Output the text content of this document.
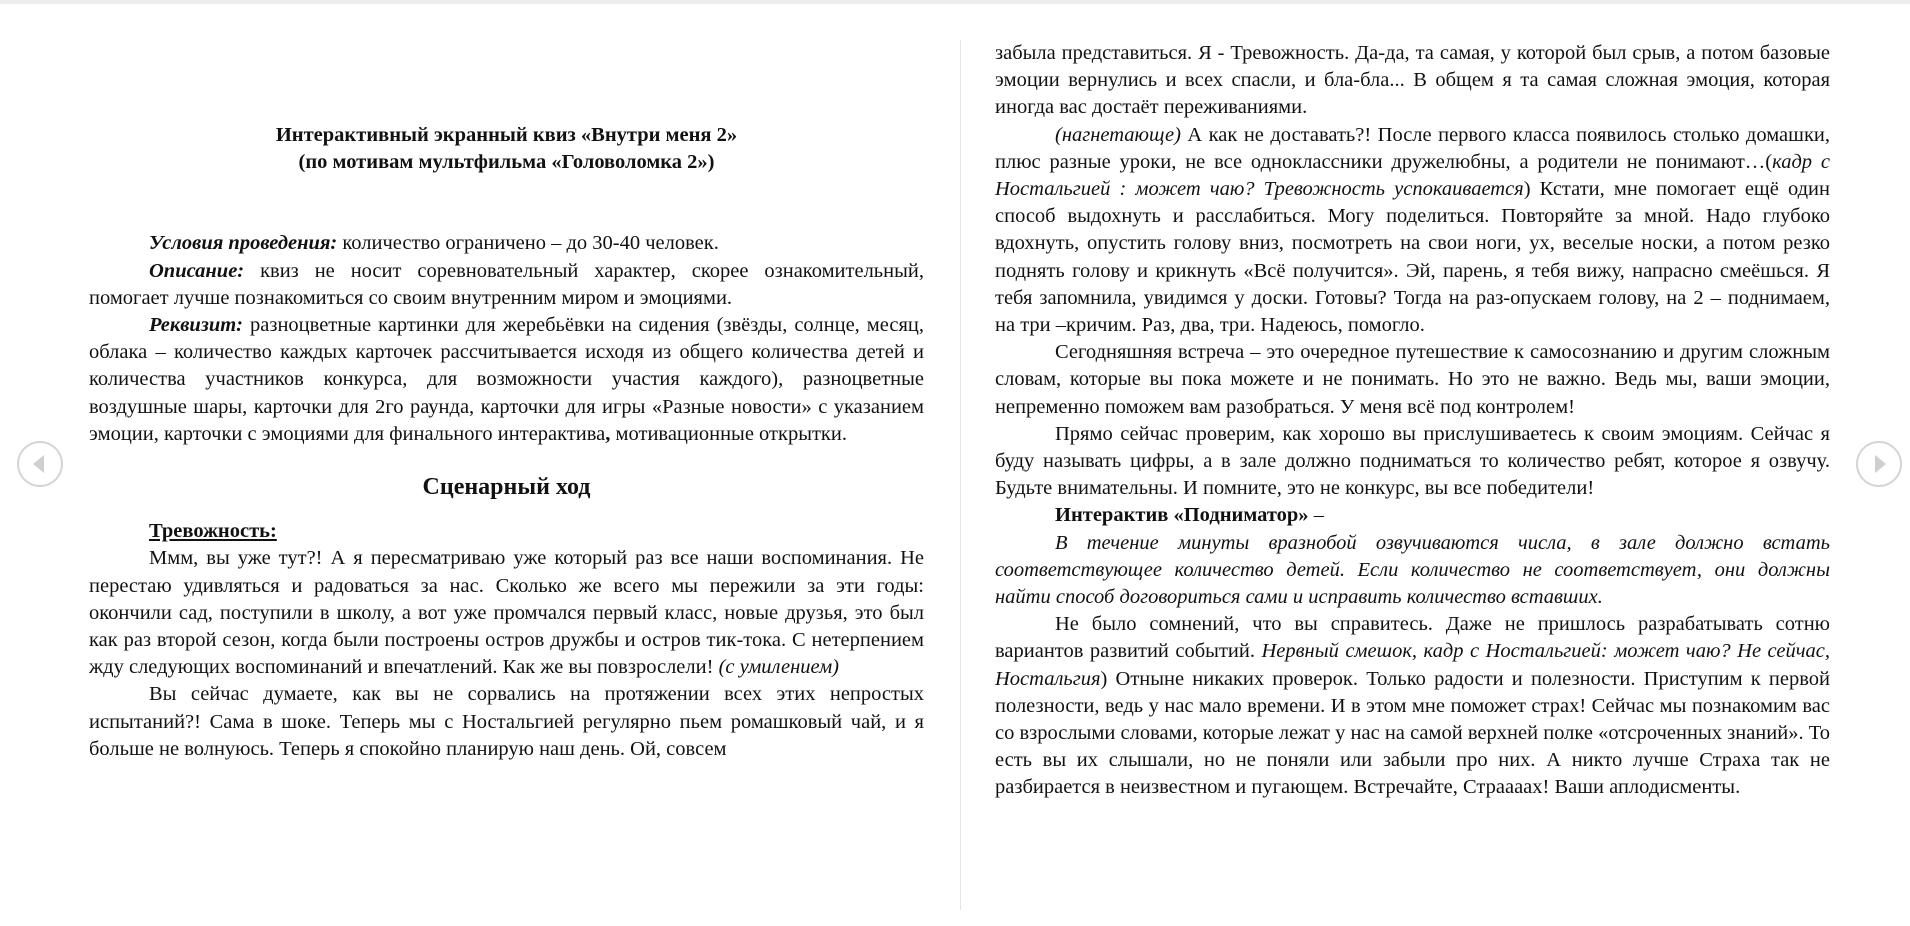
Интерактивный экранный квиз «Внутри меня 2»
(по мотивам мультфильма «Головоломка 2»)

Условия проведения: количество ограничено – до 30-40 человек.

Описание: квиз не носит соревновательный характер, скорее ознакомительный, помогает лучше познакомиться со своим внутренним миром и эмоциями.

Реквизит: разноцветные картинки для жеребьёвки на сидения (звёзды, солнце, месяц, облака – количество каждых карточек рассчитывается исходя из общего количества детей и количества участников конкурса, для возможности участия каждого), разноцветные воздушные шары, карточки для 2го раунда, карточки для игры «Разные новости» с указанием эмоции, карточки с эмоциями для финального интерактива, мотивационные открытки.

Сценарный ход

Тревожность:

Ммм, вы уже тут?! А я пересматриваю уже который раз все наши воспоминания. Не перестаю удивляться и радоваться за нас. Сколько же всего мы пережили за эти годы: окончили сад, поступили в школу, а вот уже промчался первый класс, новые друзья, это был как раз второй сезон, когда были построены остров дружбы и остров тик-тока. С нетерпением жду следующих воспоминаний и впечатлений. Как же вы повзрослели! (с умилением)

Вы сейчас думаете, как вы не сорвались на протяжении всех этих непростых испытаний?! Сама в шоке. Теперь мы с Ностальгией регулярно пьем ромашковый чай, и я больше не волнуюсь. Теперь я спокойно планирую наш день. Ой, совсем

забыла представиться. Я - Тревожность. Да-да, та самая, у которой был срыв, а потом базовые эмоции вернулись и всех спасли, и бла-бла... В общем я та самая сложная эмоция, которая иногда вас достаёт переживаниями.

(нагнетающе) А как не доставать?! После первого класса появилось столько домашки, плюс разные уроки, не все одноклассники дружелюбны, а родители не понимают…(кадр с Ностальгией : может чаю? Тревожность успокаивается) Кстати, мне помогает ещё один способ выдохнуть и расслабиться. Могу поделиться. Повторяйте за мной. Надо глубоко вдохнуть, опустить голову вниз, посмотреть на свои ноги, ух, веселые носки, а потом резко поднять голову и крикнуть «Всё получится». Эй, парень, я тебя вижу, напрасно смеёшься. Я тебя запомнила, увидимся у доски. Готовы? Тогда на раз-опускаем голову, на 2 – поднимаем, на три –кричим. Раз, два, три. Надеюсь, помогло.

Сегодняшняя встреча – это очередное путешествие к самосознанию и другим сложным словам, которые вы пока можете и не понимать. Но это не важно. Ведь мы, ваши эмоции, непременно поможем вам разобраться. У меня всё под контролем!

Прямо сейчас проверим, как хорошо вы прислушиваетесь к своим эмоциям. Сейчас я буду называть цифры, а в зале должно подниматься то количество ребят, которое я озвучу. Будьте внимательны. И помните, это не конкурс, вы все победители!

Интерактив «Подниматор» –

В течение минуты вразнобой озвучиваются числа, в зале должно встать соответствующее количество детей. Если количество не соответствует, они должны найти способ договориться сами и исправить количество вставших.

Не было сомнений, что вы справитесь. Даже не пришлось разрабатывать сотню вариантов развитий событий. Нервный смешок, кадр с Ностальгией: может чаю? Не сейчас, Ностальгия) Отныне никаких проверок. Только радости и полезности. Приступим к первой полезности, ведь у нас мало времени. И в этом мне поможет страх! Сейчас мы познакомим вас со взрослыми словами, которые лежат у нас на самой верхней полке «отсроченных знаний». То есть вы их слышали, но не поняли или забыли про них. А никто лучше Страха так не разбирается в неизвестном и пугающем. Встречайте, Страааах! Ваши аплодисменты.
